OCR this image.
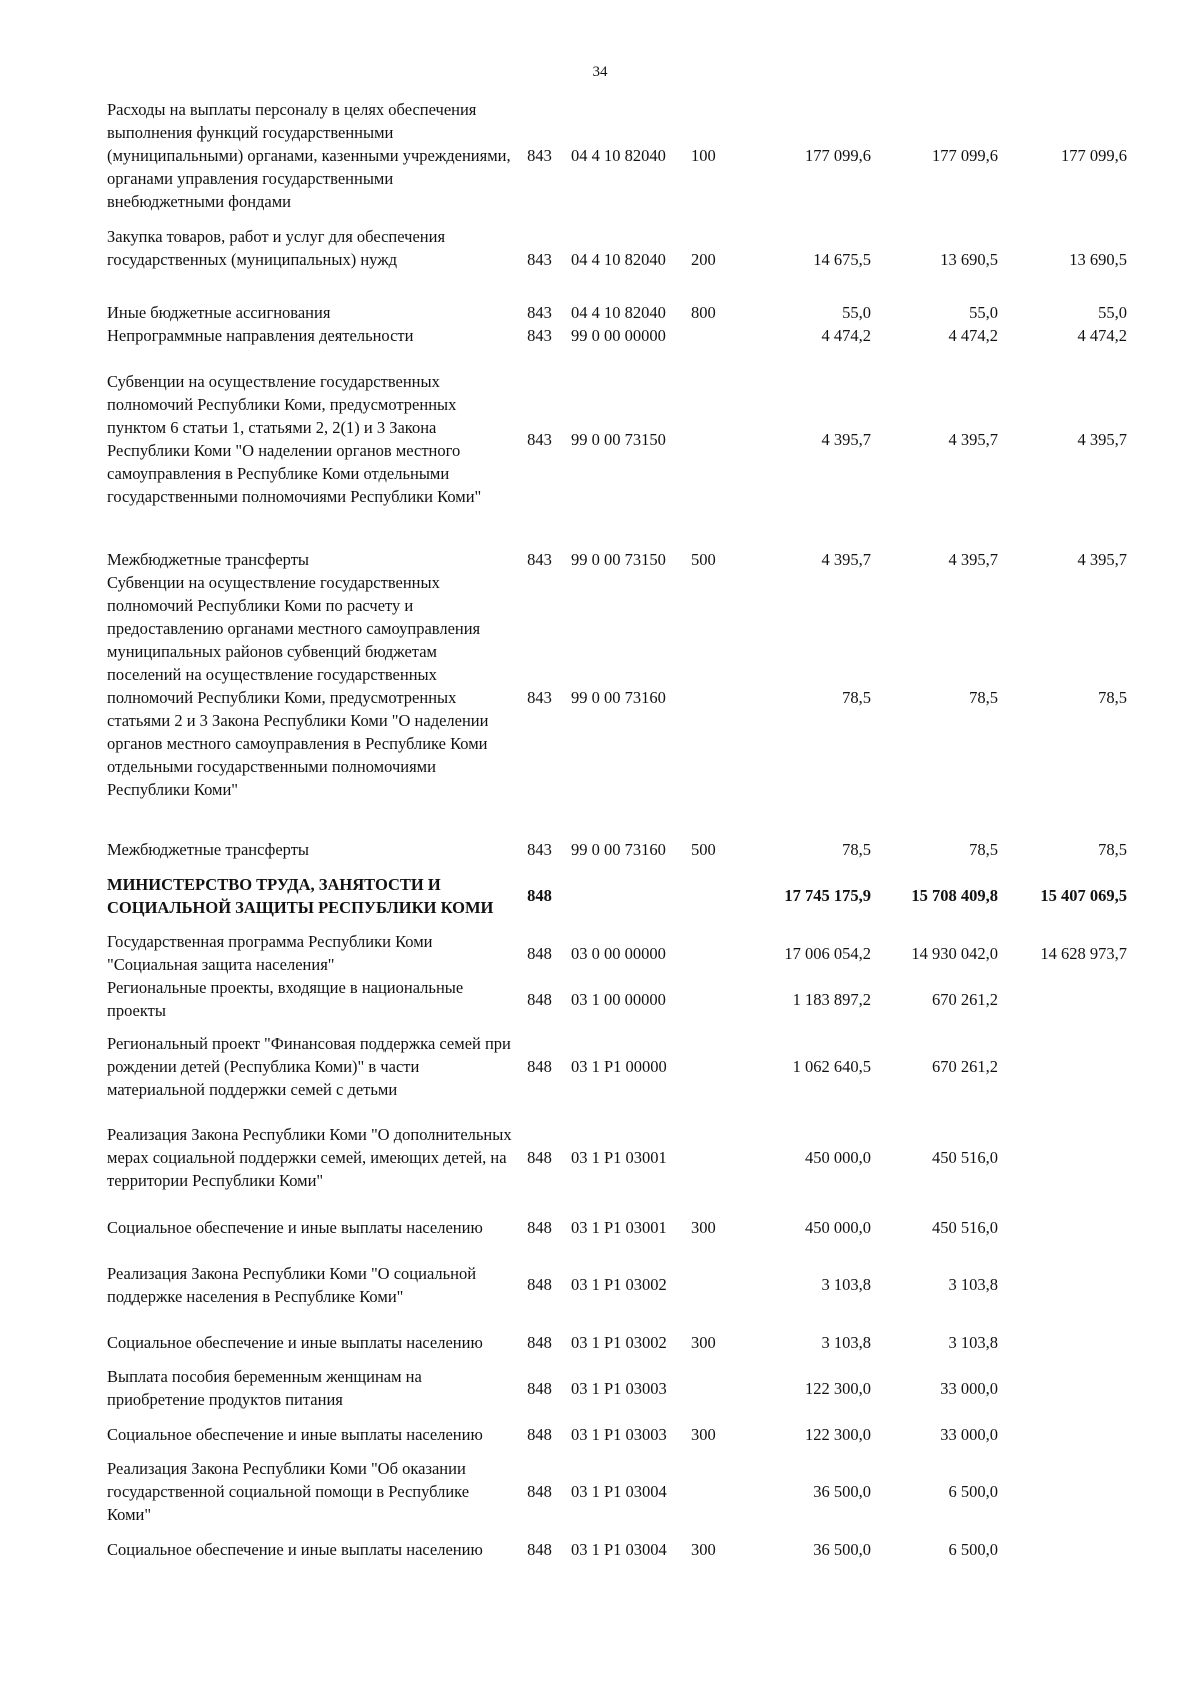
34
Расходы на выплаты персоналу в целях обеспечения выполнения функций государственными (муниципальными) органами, казенными учреждениями, органами управления государственными внебюджетными фондами	843	04 4 10 82040	100	177 099,6	177 099,6	177 099,6
Закупка товаров, работ и услуг для обеспечения государственных (муниципальных) нужд	843	04 4 10 82040	200	14 675,5	13 690,5	13 690,5
Иные бюджетные ассигнования	843	04 4 10 82040	800	55,0	55,0	55,0
Непрограммные направления деятельности	843	99 0 00 00000		4 474,2	4 474,2	4 474,2
Субвенции на осуществление государственных полномочий Республики Коми, предусмотренных пунктом 6 статьи 1, статьями 2, 2(1) и 3 Закона Республики Коми "О наделении органов местного самоуправления в Республике Коми отдельными государственными полномочиями Республики Коми"	843	99 0 00 73150		4 395,7	4 395,7	4 395,7
Межбюджетные трансферты	843	99 0 00 73150	500	4 395,7	4 395,7	4 395,7
Субвенции на осуществление государственных полномочий Республики Коми по расчету и предоставлению органами местного самоуправления муниципальных районов субвенций бюджетам поселений на осуществление государственных полномочий Республики Коми, предусмотренных статьями 2 и 3 Закона Республики Коми "О наделении органов местного самоуправления в Республике Коми отдельными государственными полномочиями Республики Коми"	843	99 0 00 73160		78,5	78,5	78,5
Межбюджетные трансферты	843	99 0 00 73160	500	78,5	78,5	78,5
МИНИСТЕРСТВО ТРУДА, ЗАНЯТОСТИ И СОЦИАЛЬНОЙ ЗАЩИТЫ РЕСПУБЛИКИ КОМИ	848			17 745 175,9	15 708 409,8	15 407 069,5
Государственная программа Республики Коми "Социальная защита населения"	848	03 0 00 00000		17 006 054,2	14 930 042,0	14 628 973,7
Региональные проекты, входящие в национальные проекты	848	03 1 00 00000		1 183 897,2	670 261,2	
Региональный проект "Финансовая поддержка семей при рождении детей (Республика Коми)" в части материальной поддержки семей с детьми	848	03 1 P1 00000		1 062 640,5	670 261,2	
Реализация Закона Республики Коми "О дополнительных мерах социальной поддержки семей, имеющих детей, на территории Республики Коми"	848	03 1 P1 03001		450 000,0	450 516,0	
Социальное обеспечение и иные выплаты населению	848	03 1 P1 03001	300	450 000,0	450 516,0	
Реализация Закона Республики Коми "О социальной поддержке населения в Республике Коми"	848	03 1 P1 03002		3 103,8	3 103,8	
Социальное обеспечение и иные выплаты населению	848	03 1 P1 03002	300	3 103,8	3 103,8	
Выплата пособия беременным женщинам на приобретение продуктов питания	848	03 1 P1 03003		122 300,0	33 000,0	
Социальное обеспечение и иные выплаты населению	848	03 1 P1 03003	300	122 300,0	33 000,0	
Реализация Закона Республики Коми "Об оказании государственной социальной помощи в Республике Коми"	848	03 1 P1 03004		36 500,0	6 500,0	
Социальное обеспечение и иные выплаты населению	848	03 1 P1 03004	300	36 500,0	6 500,0	
